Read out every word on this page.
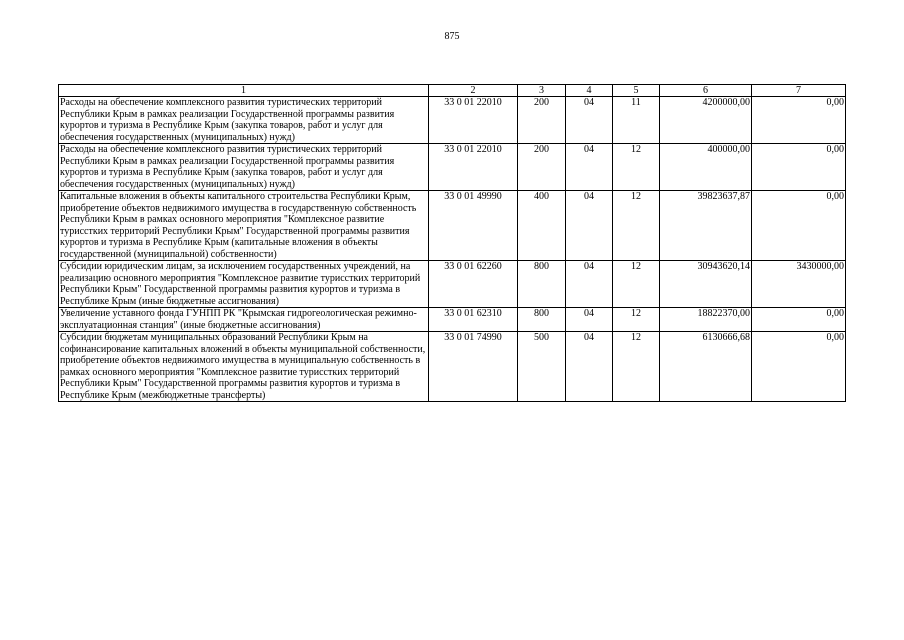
875
1	2	3	4	5	6	7
Расходы на обеспечение комплексного развития туристических территорий Республики Крым в рамках реализации Государственной программы развития курортов и туризма в Республике Крым (закупка товаров, работ и услуг для обеспечения государственных (муниципальных) нужд)	33 0 01 22010	200	04	11	4200000,00	0,00
Расходы на обеспечение комплексного развития туристических территорий Республики Крым в рамках реализации Государственной программы развития курортов и туризма в Республике Крым (закупка товаров, работ и услуг для обеспечения государственных (муниципальных) нужд)	33 0 01 22010	200	04	12	400000,00	0,00
Капитальные вложения в объекты капитального строительства Республики Крым, приобретение объектов недвижимого имущества в государственную собственность Республики Крым в рамках основного мероприятия "Комплексное развитие турисстких территорий Республики Крым" Государственной программы развития курортов и туризма в Республике Крым (капитальные вложения в объекты государственной (муниципальной) собственности)	33 0 01 49990	400	04	12	39823637,87	0,00
Субсидии юридическим лицам, за исключением государственных учреждений, на реализацию основного мероприятия "Комплексное развитие турисстких территорий Республики Крым" Государственной программы развития курортов и туризма в Республике Крым (иные бюджетные ассигнования)	33 0 01 62260	800	04	12	30943620,14	3430000,00
Увеличение уставного фонда ГУНПП РК "Крымская гидрогеологическая режимно-эксплуатационная станция" (иные бюджетные ассигнования)	33 0 01 62310	800	04	12	18822370,00	0,00
Субсидии бюджетам муниципальных образований Республики Крым на софинансирование капитальных вложений в объекты муниципальной собственности, приобретение объектов недвижимого имущества в муниципальную собственность в рамках основного мероприятия "Комплексное развитие турисстких территорий Республики Крым" Государственной программы развития курортов и туризма в Республике Крым (межбюджетные трансферты)	33 0 01 74990	500	04	12	6130666,68	0,00
